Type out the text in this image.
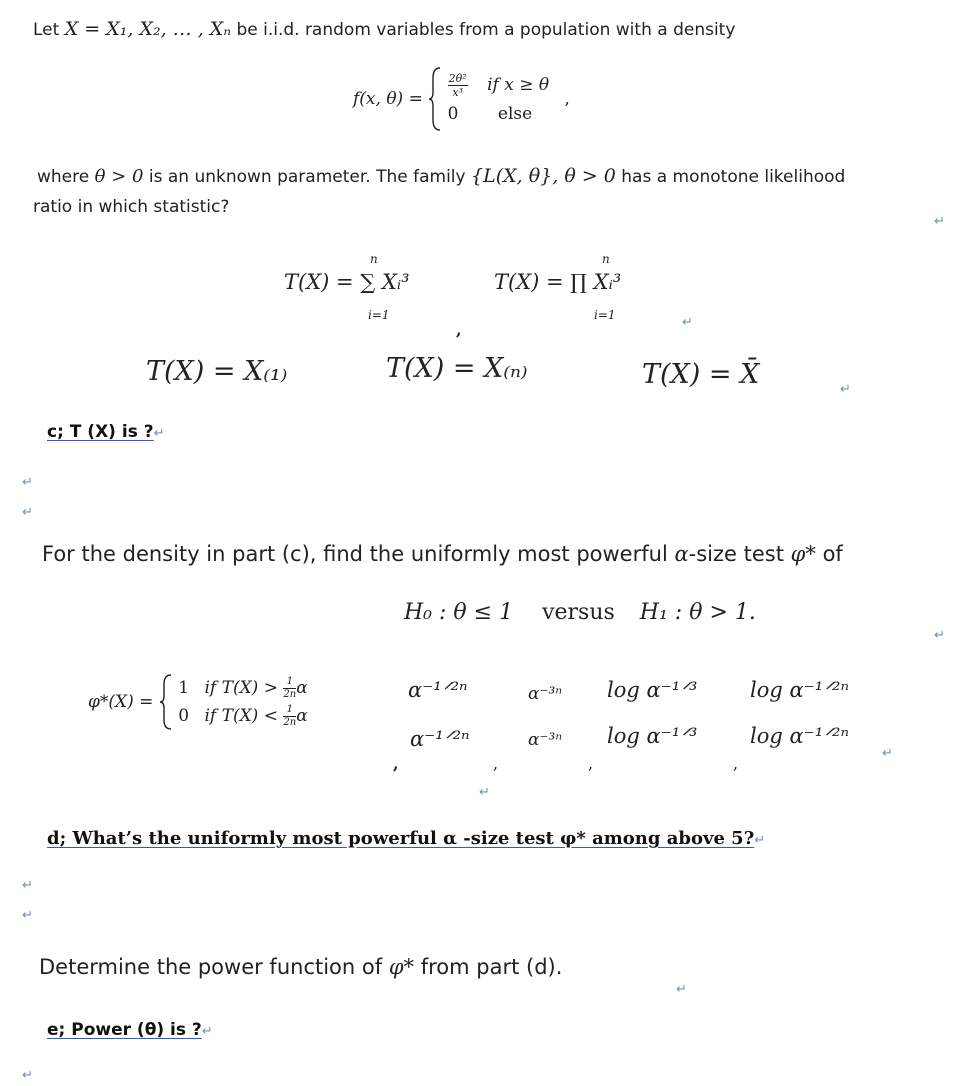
Let X = X₁, X₂, … , Xₙ be i.i.d. random variables from a population with a density
f(x, θ) =
$\frac{\text{2θ²}}{\text{x³}}$ if x ≥ θ
0 else
,
where θ > 0 is an unknown parameter. The family {L(X, θ}, θ > 0 has a monotone likelihood
ratio in which statistic?
↵
n
T(X) = ∑ Xᵢ³
i=1
n
T(X) = ∏ Xᵢ³
i=1
,	↵
T(X) = X₍₁₎	T(X) = X₍ₙ₎	T(X) = X̄	↵
c; T (X) is ?↵
↵
↵
For the density in part (c), find the uniformly most powerful α-size test φ* of
H₀ : θ ≤ 1 versus H₁ : θ > 1.
↵
φ*(X) =
1 if $T(X) > \frac{1}{2n}$ α
0 if $T(X) < \frac{1}{2n}$ α
α⁻¹ᐟ²ⁿ	α⁻³ⁿ log α⁻¹ᐟ³	log α⁻¹ᐟ²ⁿ
α⁻¹ᐟ²ⁿ	α⁻³ⁿ log α⁻¹ᐟ³	log α⁻¹ᐟ²ⁿ
,	,	,	,
↵
↵
d; What’s the uniformly most powerful α -size test φ* among above 5?↵
↵
↵
Determine the power function of φ* from part (d).
↵
e; Power (θ) is ?↵
↵
